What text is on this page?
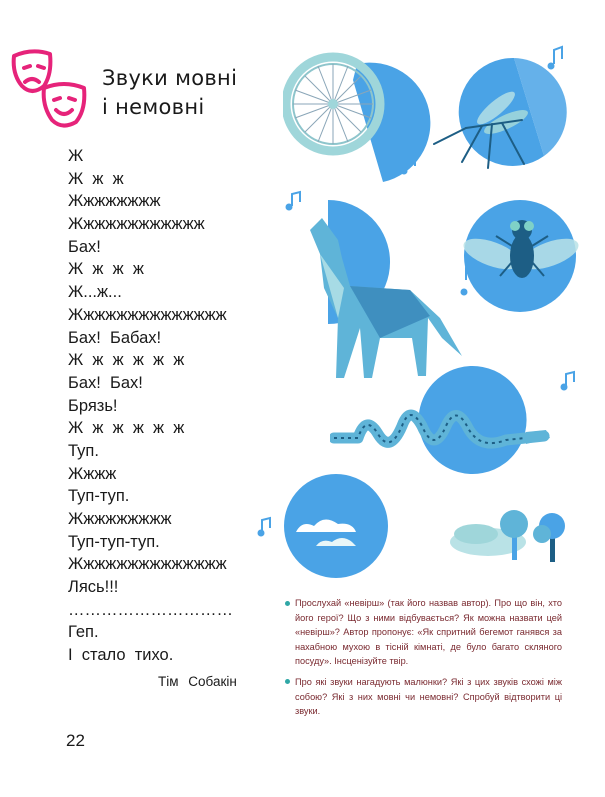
Звуки мовні
і немовні
Ж
Ж  ж  ж
Жжжжжжжж
Жжжжжжжжжжжж
Бах!
Ж  ж  ж  ж
Ж...ж...
Жжжжжжжжжжжжжж
Бах!  Бабах!
Ж  ж  ж  ж  ж  ж
Бах!  Бах!
Брязь!
Ж  ж  ж  ж  ж  ж
Туп.
Жжжж
Туп-туп.
Жжжжжжжжж
Туп-туп-туп.
Жжжжжжжжжжжжжж
Лясь!!!
…………………………
Геп.
І  стало  тихо.
Тім Собакін
Прослухай «невірш» (так його назвав автор). Про що він, хто його герої? Що з ними відбувається? Як можна назвати цей «невірш»? Автор пропонує: «Як спритний бегемот ганявся за нахабною мухою в тісній кімнаті, де було багато скляного посуду». Інсценізуйте твір.
Про які звуки нагадують малюнки? Які з цих звуків схожі між собою? Які з них мовні чи немовні? Спробуй відтворити ці звуки.
22
